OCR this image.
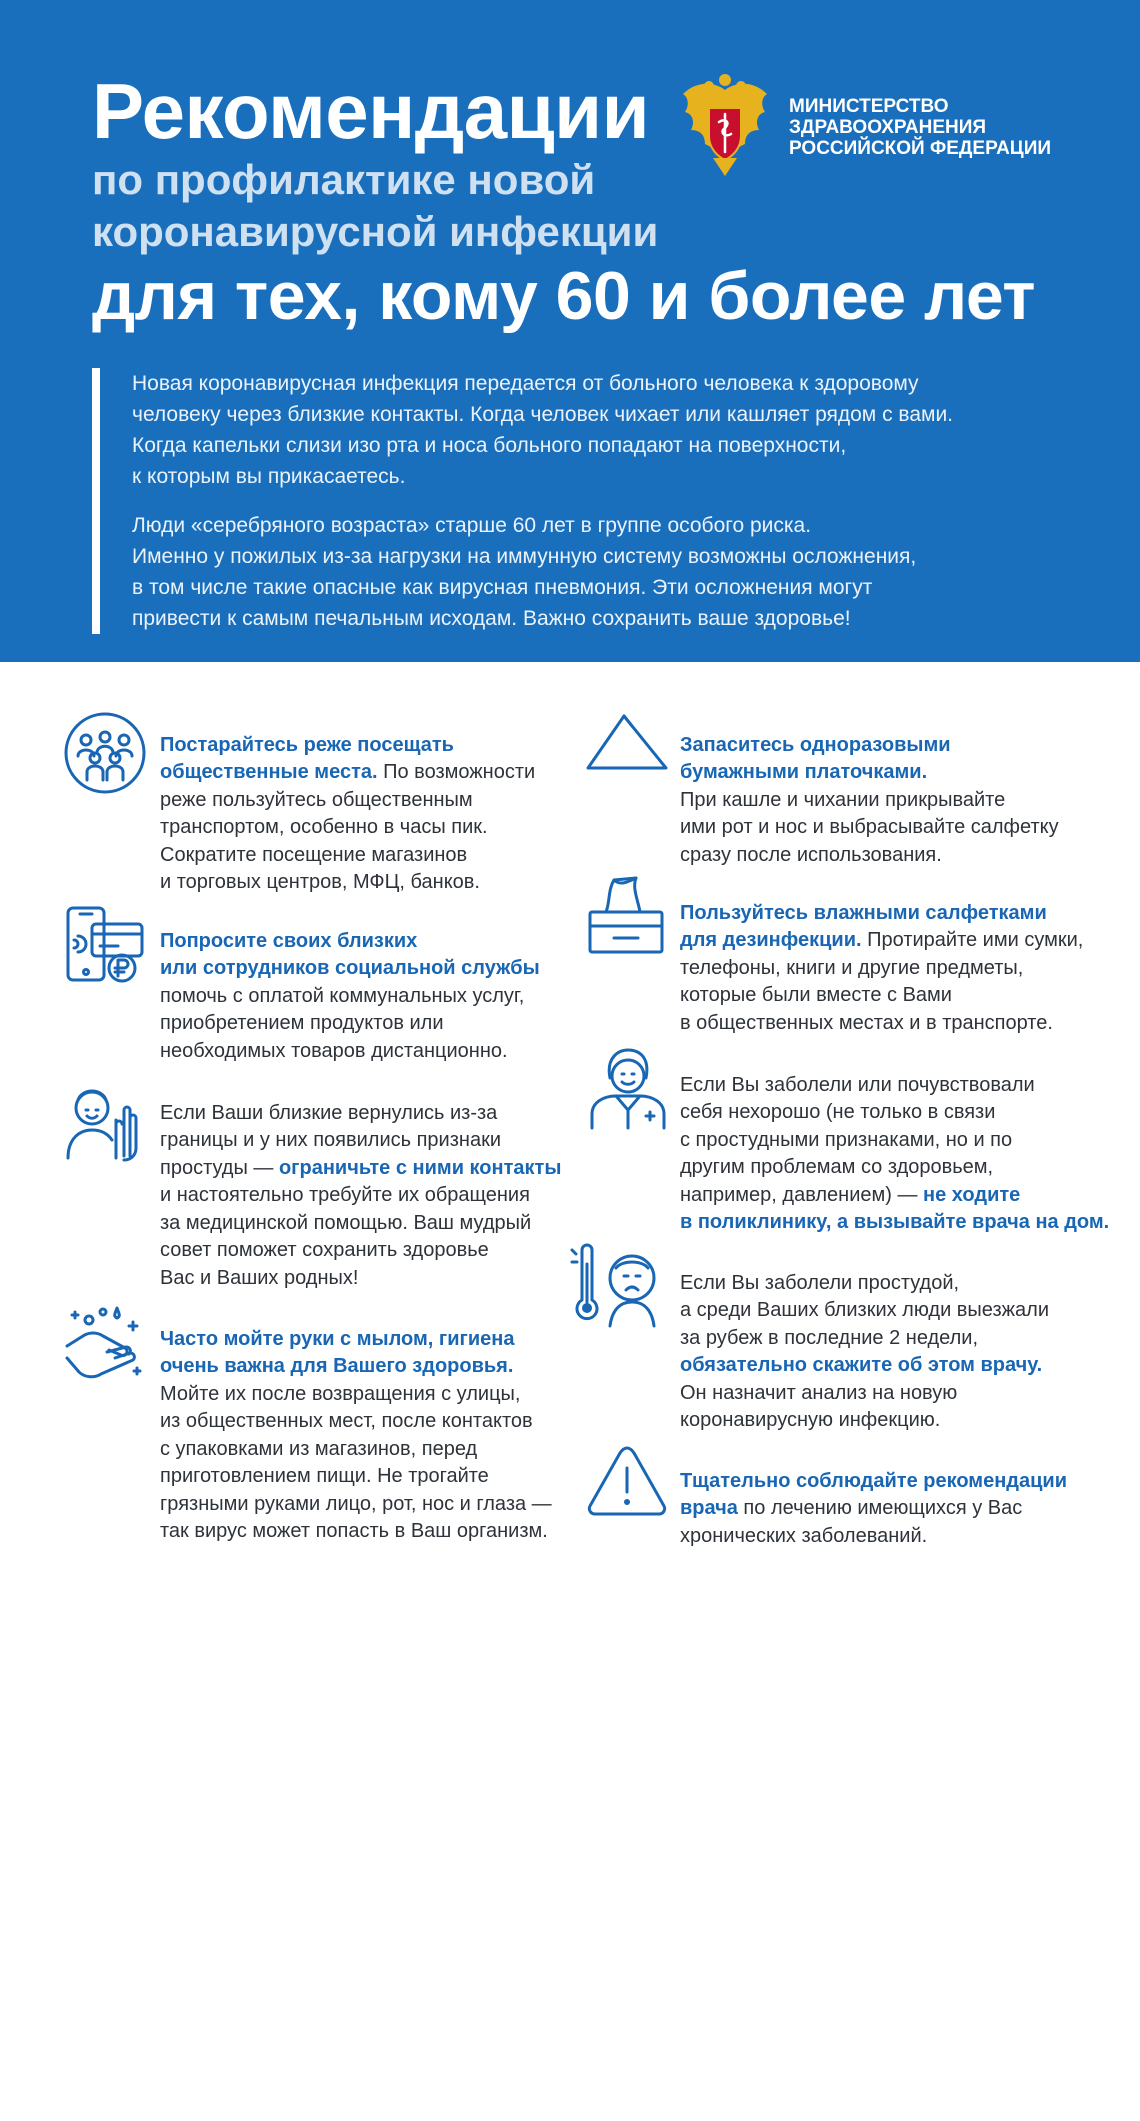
Рекомендации
по профилактике новой
коронавирусной инфекции
для тех, кому 60 и более лет
МИНИСТЕРСТВО
ЗДРАВООХРАНЕНИЯ
РОССИЙСКОЙ ФЕДЕРАЦИИ

Новая коронавирусная инфекция передается от больного человека к здоровому
человеку через близкие контакты. Когда человек чихает или кашляет рядом с вами.
Когда капельки слизи изо рта и носа больного попадают на поверхности,
к которым вы прикасаетесь.

Люди «серебряного возраста» старше 60 лет в группе особого риска.
Именно у пожилых из-за нагрузки на иммунную систему возможны осложнения,
в том числе такие опасные как вирусная пневмония. Эти осложнения могут
привести к самым печальным исходам. Важно сохранить ваше здоровье!

Постарайтесь реже посещать
общественные места. По возможности
реже пользуйтесь общественным
транспортом, особенно в часы пик.
Сократите посещение магазинов
и торговых центров, МФЦ, банков.

Попросите своих близких
или сотрудников социальной службы
помочь с оплатой коммунальных услуг,
приобретением продуктов или
необходимых товаров дистанционно.

Если Ваши близкие вернулись из-за
границы и у них появились признаки
простуды — ограничьте с ними контакты
и настоятельно требуйте их обращения
за медицинской помощью. Ваш мудрый
совет поможет сохранить здоровье
Вас и Ваших родных!

Часто мойте руки с мылом, гигиена
очень важна для Вашего здоровья.
Мойте их после возвращения с улицы,
из общественных мест, после контактов
с упаковками из магазинов, перед
приготовлением пищи. Не трогайте
грязными руками лицо, рот, нос и глаза —
так вирус может попасть в Ваш организм.

Запаситесь одноразовыми
бумажными платочками.
При кашле и чихании прикрывайте
ими рот и нос и выбрасывайте салфетку
сразу после использования.

Пользуйтесь влажными салфетками
для дезинфекции. Протирайте ими сумки,
телефоны, книги и другие предметы,
которые были вместе с Вами
в общественных местах и в транспорте.

Если Вы заболели или почувствовали
себя нехорошо (не только в связи
с простудными признаками, но и по
другим проблемам со здоровьем,
например, давлением) — не ходите
в поликлинику, а вызывайте врача на дом.

Если Вы заболели простудой,
а среди Ваших близких люди выезжали
за рубеж в последние 2 недели,
обязательно скажите об этом врачу.
Он назначит анализ на новую
коронавирусную инфекцию.

Тщательно соблюдайте рекомендации
врача по лечению имеющихся у Вас
хронических заболеваний.
